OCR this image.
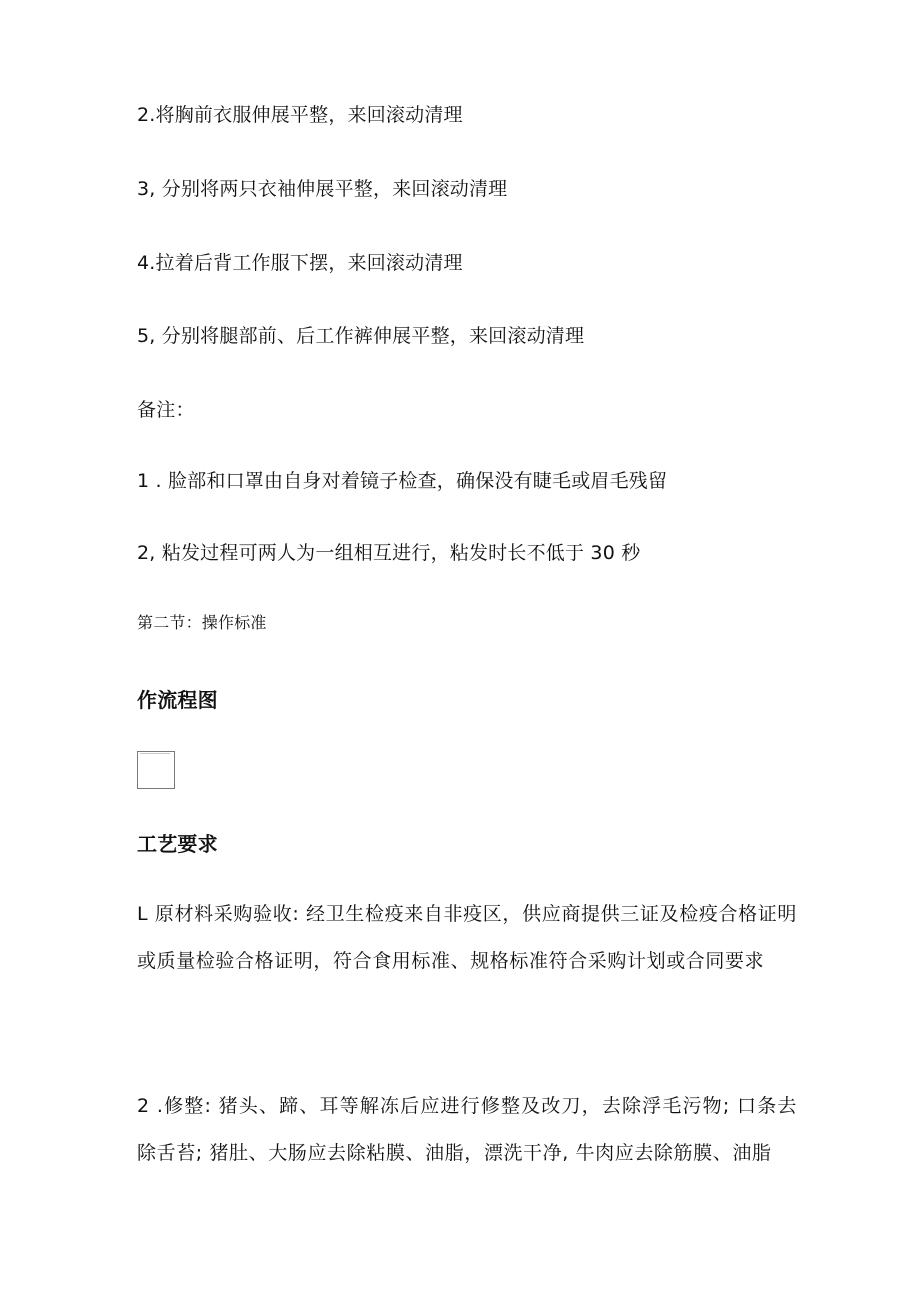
2.将胸前衣服伸展平整，来回滚动清理
3, 分别将两只衣袖伸展平整，来回滚动清理
4.拉着后背工作服下摆，来回滚动清理
5, 分别将腿部前、后工作裤伸展平整，来回滚动清理
备注：
1 . 脸部和口罩由自身对着镜子检查，确保没有睫毛或眉毛残留
2, 粘发过程可两人为一组相互进行，粘发时长不低于 30 秒
第二节：操作标准
作流程图
工艺要求
L 原材料采购验收: 经卫生检疫来自非疫区，供应商提供三证及检疫合格证明或质量检验合格证明，符合食用标准、规格标准符合采购计划或合同要求
2 .修整: 猪头、蹄、耳等解冻后应进行修整及改刀，去除浮毛污物; 口条去除舌苔; 猪肚、大肠应去除粘膜、油脂，漂洗干净, 牛肉应去除筋膜、油脂
